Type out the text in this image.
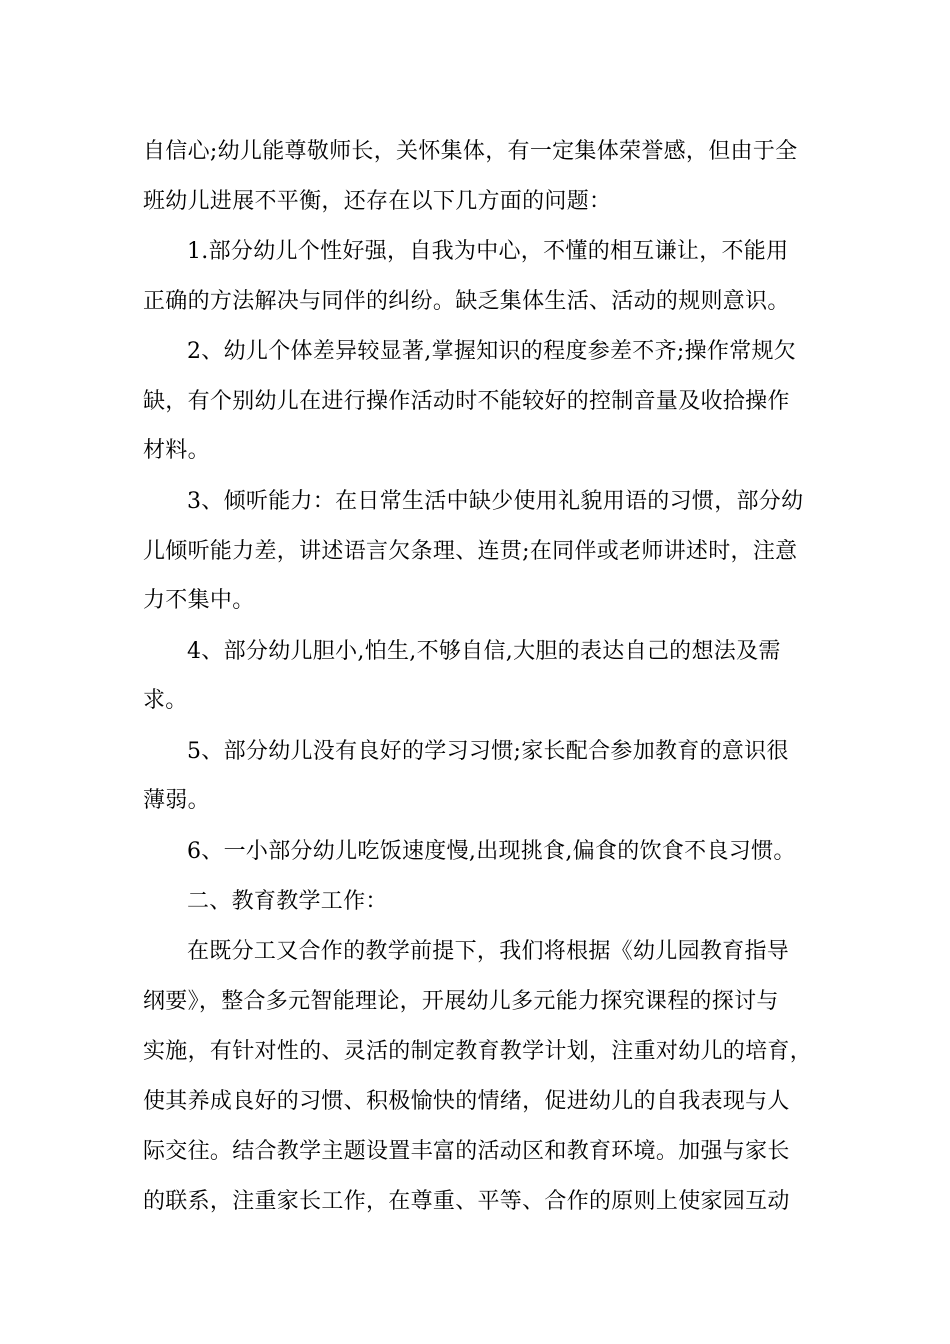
自信心;幼儿能尊敬师长，关怀集体，有一定集体荣誉感，但由于全
班幼儿进展不平衡，还存在以下几方面的问题：
1.部分幼儿个性好强，自我为中心，不懂的相互谦让，不能用
正确的方法解决与同伴的纠纷。缺乏集体生活、活动的规则意识。
2、幼儿个体差异较显著,掌握知识的程度参差不齐;操作常规欠
缺，有个别幼儿在进行操作活动时不能较好的控制音量及收拾操作
材料。
3、倾听能力：在日常生活中缺少使用礼貌用语的习惯，部分幼
儿倾听能力差，讲述语言欠条理、连贯;在同伴或老师讲述时，注意
力不集中。
4、部分幼儿胆小,怕生,不够自信,大胆的表达自己的想法及需
求。
5、部分幼儿没有良好的学习习惯;家长配合参加教育的意识很
薄弱。
6、一小部分幼儿吃饭速度慢,出现挑食,偏食的饮食不良习惯。
二、教育教学工作：
在既分工又合作的教学前提下，我们将根据《幼儿园教育指导
纲要》，整合多元智能理论，开展幼儿多元能力探究课程的探讨与
实施，有针对性的、灵活的制定教育教学计划，注重对幼儿的培育，
使其养成良好的习惯、积极愉快的情绪，促进幼儿的自我表现与人
际交往。结合教学主题设置丰富的活动区和教育环境。加强与家长
的联系，注重家长工作，在尊重、平等、合作的原则上使家园互动
